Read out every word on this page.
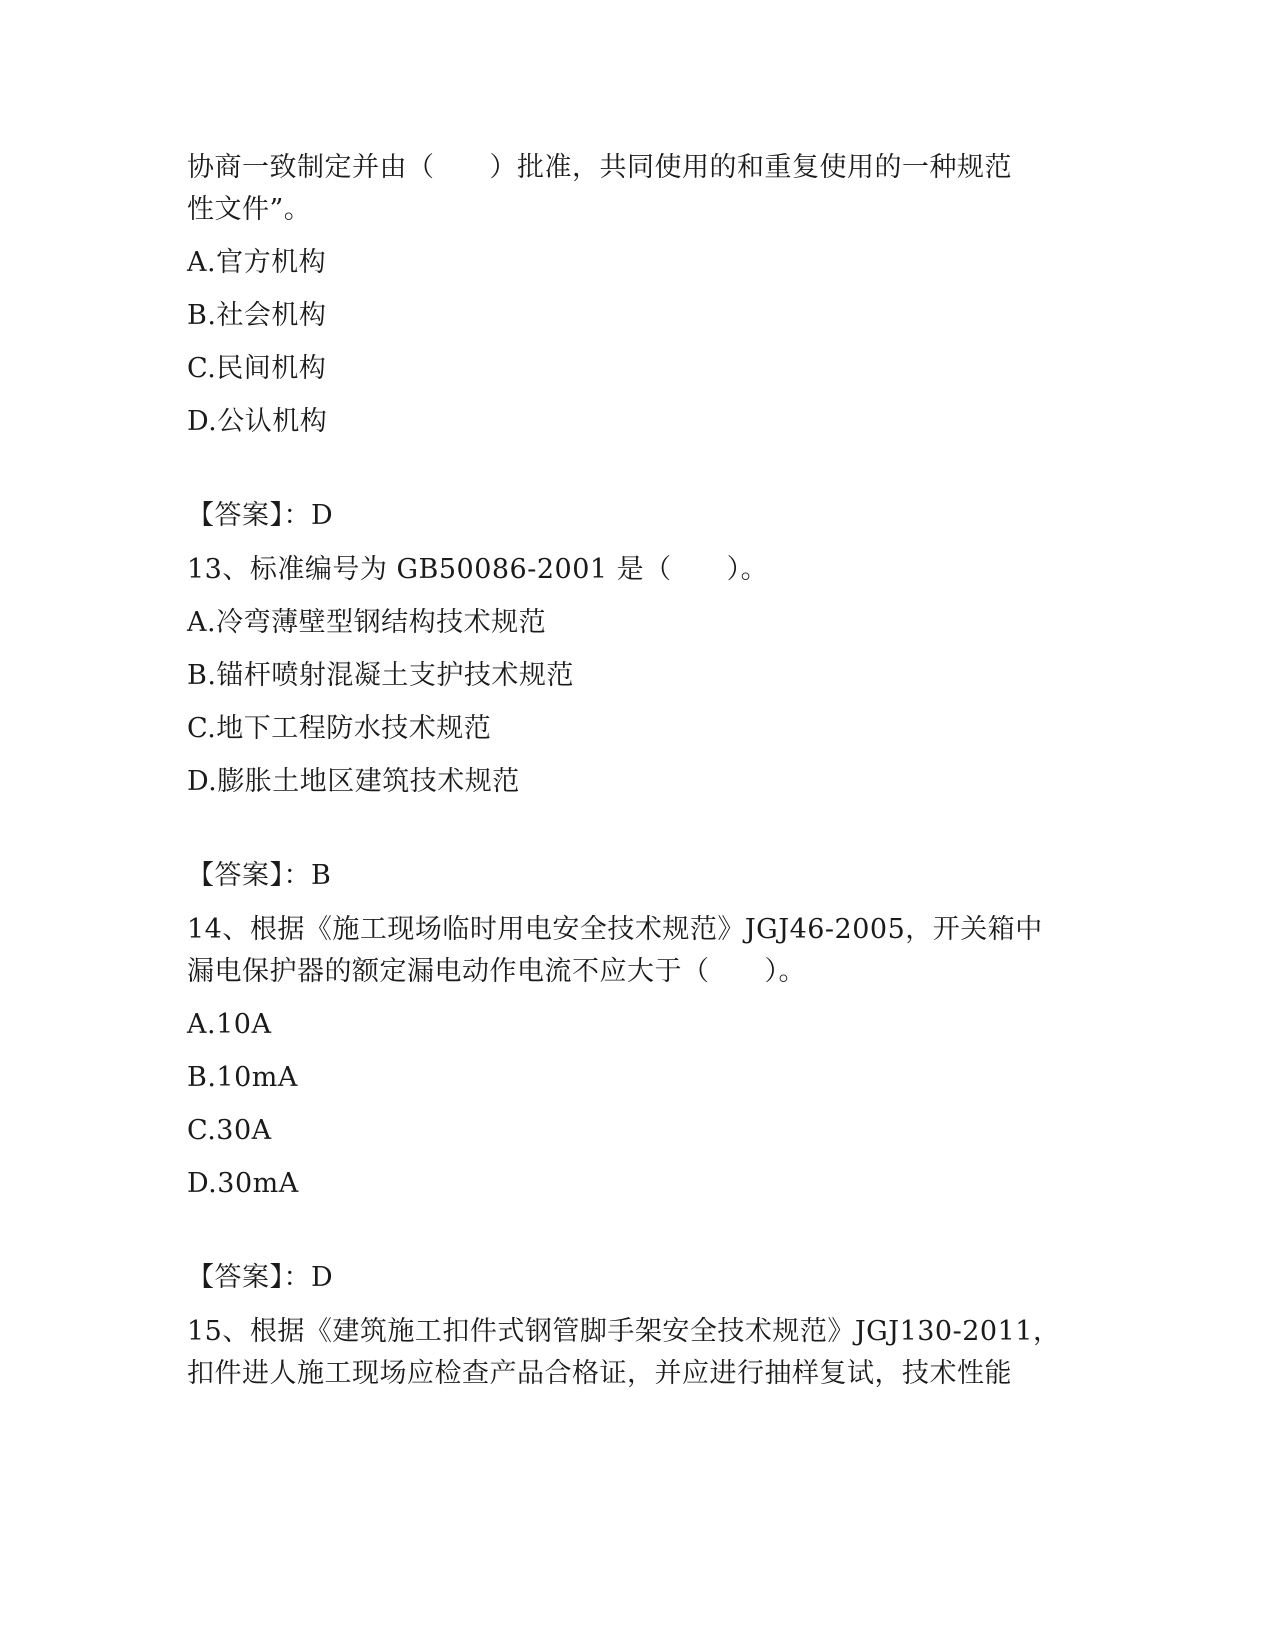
协商一致制定并由（　　）批准，共同使用的和重复使用的一种规范
性文件”。
A.官方机构
B.社会机构
C.民间机构
D.公认机构
【答案】：D
13、标准编号为 GB50086-2001 是（　　）。
A.冷弯薄壁型钢结构技术规范
B.锚杆喷射混凝土支护技术规范
C.地下工程防水技术规范
D.膨胀土地区建筑技术规范
【答案】：B
14、根据《施工现场临时用电安全技术规范》JGJ46-2005，开关箱中
漏电保护器的额定漏电动作电流不应大于（　　）。
A.10A
B.10mA
C.30A
D.30mA
【答案】：D
15、根据《建筑施工扣件式钢管脚手架安全技术规范》JGJ130-2011，
扣件进人施工现场应检查产品合格证，并应进行抽样复试，技术性能
